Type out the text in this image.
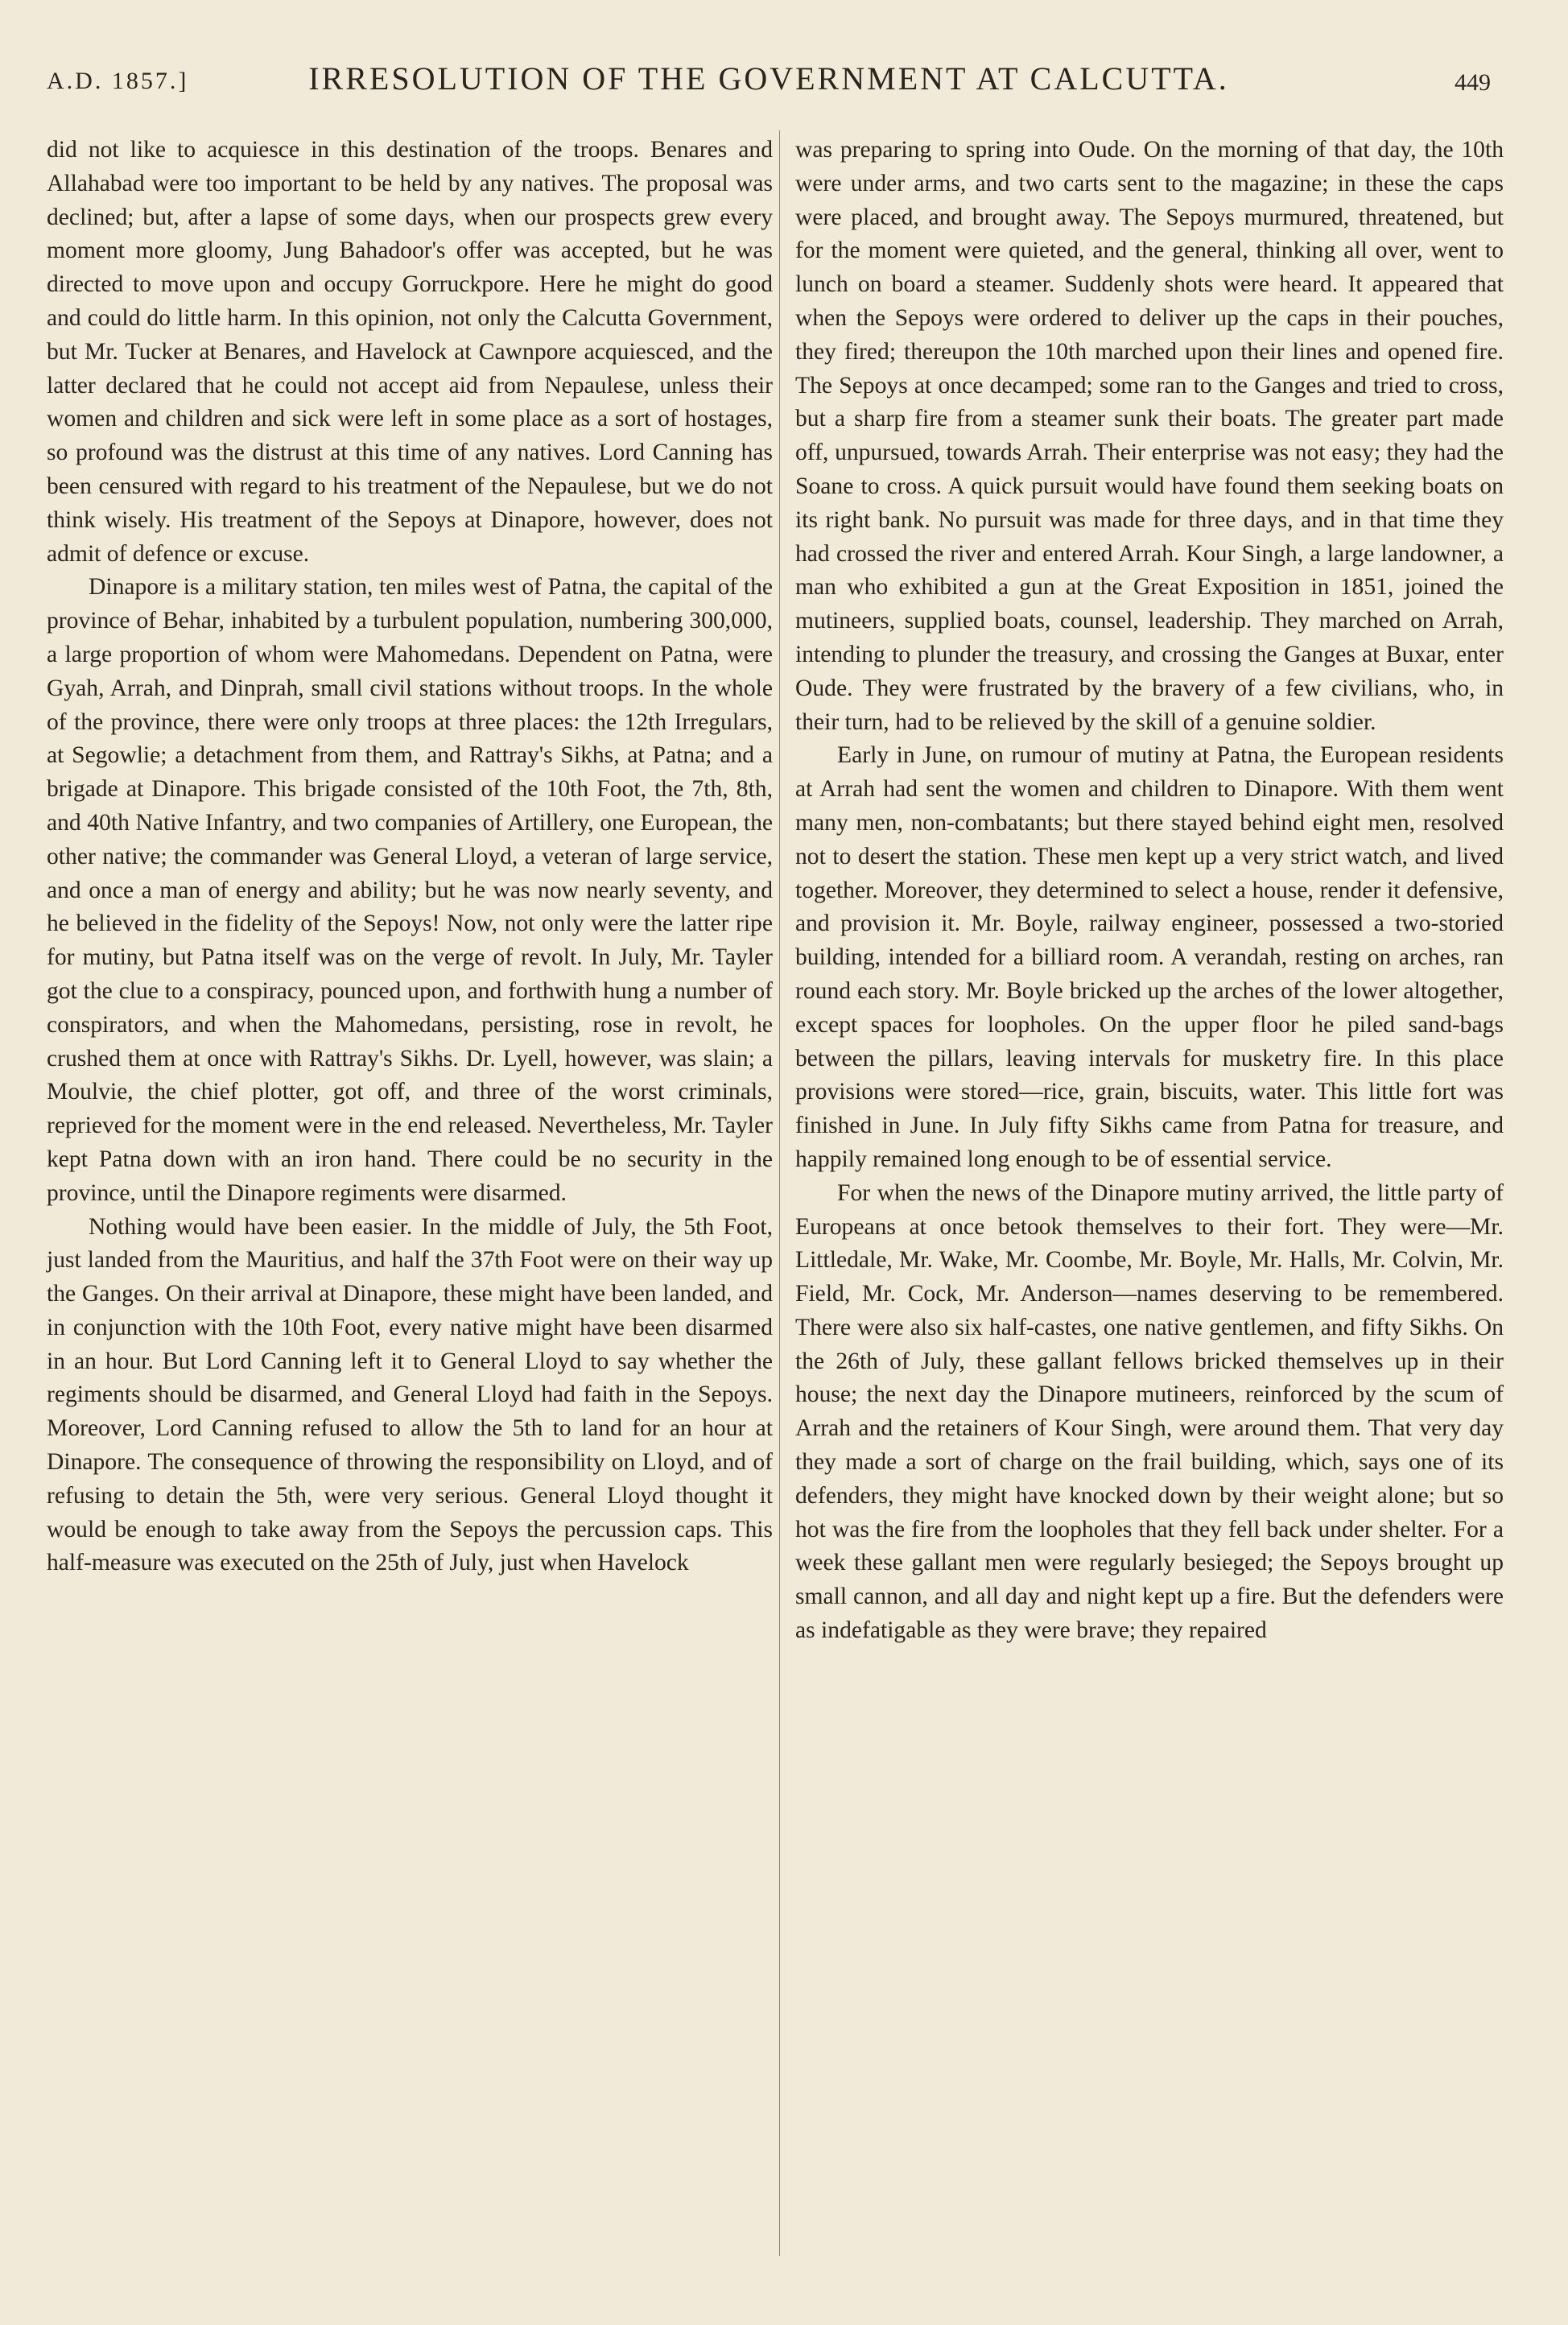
A.D. 1857.]	IRRESOLUTION OF THE GOVERNMENT AT CALCUTTA.	449

did not like to acquiesce in this destination of the troops. Benares and Allahabad were too important to be held by any natives. The proposal was declined; but, after a lapse of some days, when our prospects grew every moment more gloomy, Jung Bahadoor's offer was accepted, but he was directed to move upon and occupy Gorruckpore. Here he might do good and could do little harm. In this opinion, not only the Calcutta Government, but Mr. Tucker at Benares, and Havelock at Cawnpore acquiesced, and the latter declared that he could not accept aid from Nepaulese, unless their women and children and sick were left in some place as a sort of hostages, so profound was the distrust at this time of any natives. Lord Canning has been censured with regard to his treatment of the Nepaulese, but we do not think wisely. His treatment of the Sepoys at Dinapore, however, does not admit of defence or excuse.

Dinapore is a military station, ten miles west of Patna, the capital of the province of Behar, inhabited by a turbulent population, numbering 300,000, a large proportion of whom were Mahomedans. Dependent on Patna, were Gyah, Arrah, and Dinprah, small civil stations without troops. In the whole of the province, there were only troops at three places: the 12th Irregulars, at Segowlie; a detachment from them, and Rattray's Sikhs, at Patna; and a brigade at Dinapore. This brigade consisted of the 10th Foot, the 7th, 8th, and 40th Native Infantry, and two companies of Artillery, one European, the other native; the commander was General Lloyd, a veteran of large service, and once a man of energy and ability; but he was now nearly seventy, and he believed in the fidelity of the Sepoys! Now, not only were the latter ripe for mutiny, but Patna itself was on the verge of revolt. In July, Mr. Tayler got the clue to a conspiracy, pounced upon, and forthwith hung a number of conspirators, and when the Mahomedans, persisting, rose in revolt, he crushed them at once with Rattray's Sikhs. Dr. Lyell, however, was slain; a Moulvie, the chief plotter, got off, and three of the worst criminals, reprieved for the moment were in the end released. Nevertheless, Mr. Tayler kept Patna down with an iron hand. There could be no security in the province, until the Dinapore regiments were disarmed.

Nothing would have been easier. In the middle of July, the 5th Foot, just landed from the Mauritius, and half the 37th Foot were on their way up the Ganges. On their arrival at Dinapore, these might have been landed, and in conjunction with the 10th Foot, every native might have been disarmed in an hour. But Lord Canning left it to General Lloyd to say whether the regiments should be disarmed, and General Lloyd had faith in the Sepoys. Moreover, Lord Canning refused to allow the 5th to land for an hour at Dinapore. The consequence of throwing the responsibility on Lloyd, and of refusing to detain the 5th, were very serious. General Lloyd thought it would be enough to take away from the Sepoys the percussion caps. This half-measure was executed on the 25th of July, just when Havelock

was preparing to spring into Oude. On the morning of that day, the 10th were under arms, and two carts sent to the magazine; in these the caps were placed, and brought away. The Sepoys murmured, threatened, but for the moment were quieted, and the general, thinking all over, went to lunch on board a steamer. Suddenly shots were heard. It appeared that when the Sepoys were ordered to deliver up the caps in their pouches, they fired; thereupon the 10th marched upon their lines and opened fire. The Sepoys at once decamped; some ran to the Ganges and tried to cross, but a sharp fire from a steamer sunk their boats. The greater part made off, unpursued, towards Arrah. Their enterprise was not easy; they had the Soane to cross. A quick pursuit would have found them seeking boats on its right bank. No pursuit was made for three days, and in that time they had crossed the river and entered Arrah. Kour Singh, a large landowner, a man who exhibited a gun at the Great Exposition in 1851, joined the mutineers, supplied boats, counsel, leadership. They marched on Arrah, intending to plunder the treasury, and crossing the Ganges at Buxar, enter Oude. They were frustrated by the bravery of a few civilians, who, in their turn, had to be relieved by the skill of a genuine soldier.

Early in June, on rumour of mutiny at Patna, the European residents at Arrah had sent the women and children to Dinapore. With them went many men, non-combatants; but there stayed behind eight men, resolved not to desert the station. These men kept up a very strict watch, and lived together. Moreover, they determined to select a house, render it defensive, and provision it. Mr. Boyle, railway engineer, possessed a two-storied building, intended for a billiard room. A verandah, resting on arches, ran round each story. Mr. Boyle bricked up the arches of the lower altogether, except spaces for loopholes. On the upper floor he piled sand-bags between the pillars, leaving intervals for musketry fire. In this place provisions were stored—rice, grain, biscuits, water. This little fort was finished in June. In July fifty Sikhs came from Patna for treasure, and happily remained long enough to be of essential service.

For when the news of the Dinapore mutiny arrived, the little party of Europeans at once betook themselves to their fort. They were—Mr. Littledale, Mr. Wake, Mr. Coombe, Mr. Boyle, Mr. Halls, Mr. Colvin, Mr. Field, Mr. Cock, Mr. Anderson—names deserving to be remembered. There were also six half-castes, one native gentlemen, and fifty Sikhs. On the 26th of July, these gallant fellows bricked themselves up in their house; the next day the Dinapore mutineers, reinforced by the scum of Arrah and the retainers of Kour Singh, were around them. That very day they made a sort of charge on the frail building, which, says one of its defenders, they might have knocked down by their weight alone; but so hot was the fire from the loopholes that they fell back under shelter. For a week these gallant men were regularly besieged; the Sepoys brought up small cannon, and all day and night kept up a fire. But the defenders were as indefatigable as they were brave; they repaired
